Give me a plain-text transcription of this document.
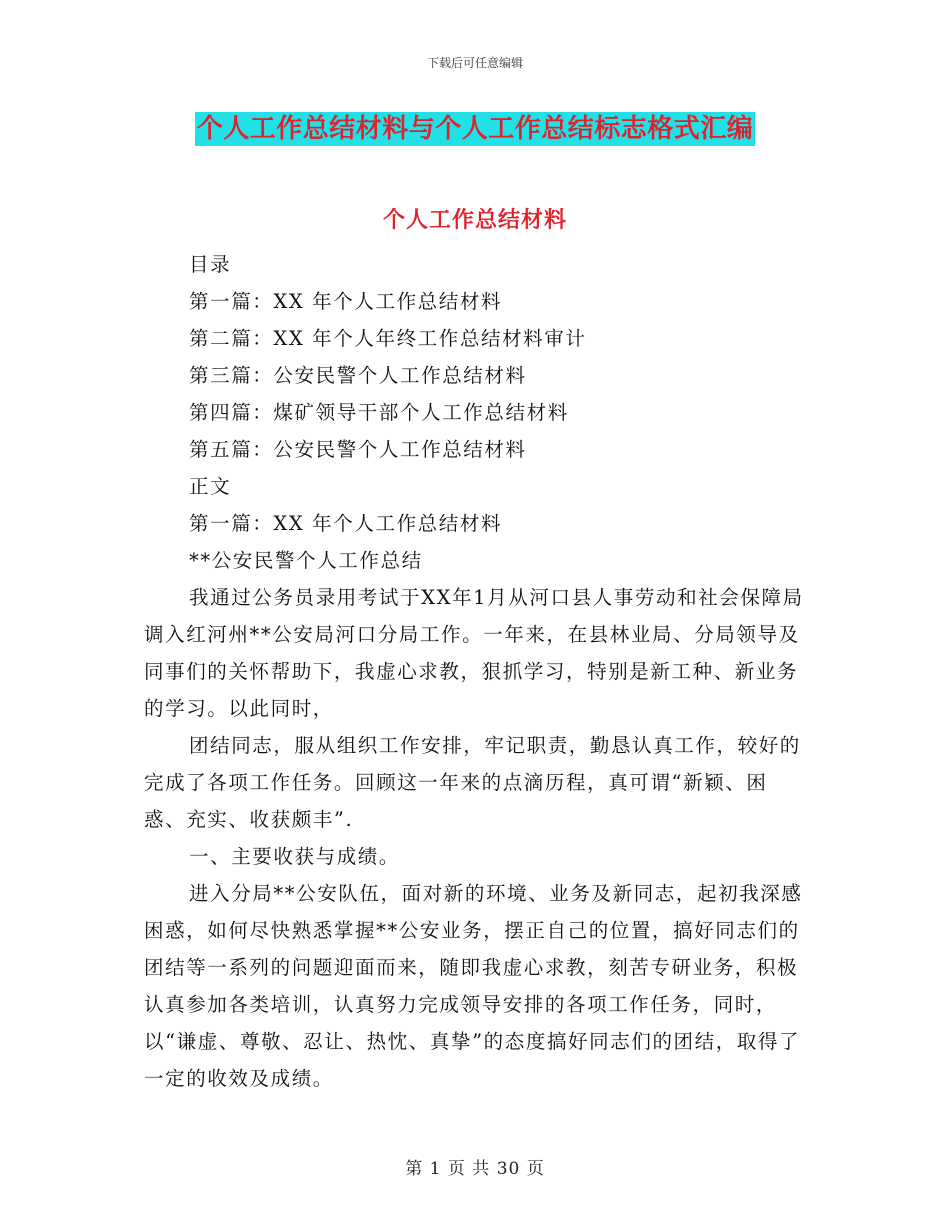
下载后可任意编辑
个人工作总结材料与个人工作总结标志格式汇编
个人工作总结材料

目录

第一篇：XX 年个人工作总结材料

第二篇：XX 年个人年终工作总结材料审计

第三篇：公安民警个人工作总结材料

第四篇：煤矿领导干部个人工作总结材料

第五篇：公安民警个人工作总结材料

正文

第一篇：XX 年个人工作总结材料

**公安民警个人工作总结

我通过公务员录用考试于XX年1月从河口县人事劳动和社会保障局调入红河州**公安局河口分局工作。一年来，在县林业局、分局领导及同事们的关怀帮助下，我虚心求教，狠抓学习，特别是新工种、新业务的学习。以此同时，

团结同志，服从组织工作安排，牢记职责，勤恳认真工作，较好的完成了各项工作任务。回顾这一年来的点滴历程，真可谓“新颖、困惑、充实、收获颇丰”.

一、主要收获与成绩。

进入分局**公安队伍，面对新的环境、业务及新同志，起初我深感困惑，如何尽快熟悉掌握**公安业务，摆正自己的位置，搞好同志们的团结等一系列的问题迎面而来，随即我虚心求教，刻苦专研业务，积极认真参加各类培训，认真努力完成领导安排的各项工作任务，同时，以“谦虚、尊敬、忍让、热忱、真挚”的态度搞好同志们的团结，取得了一定的收效及成绩。

第 1 页 共 30 页
